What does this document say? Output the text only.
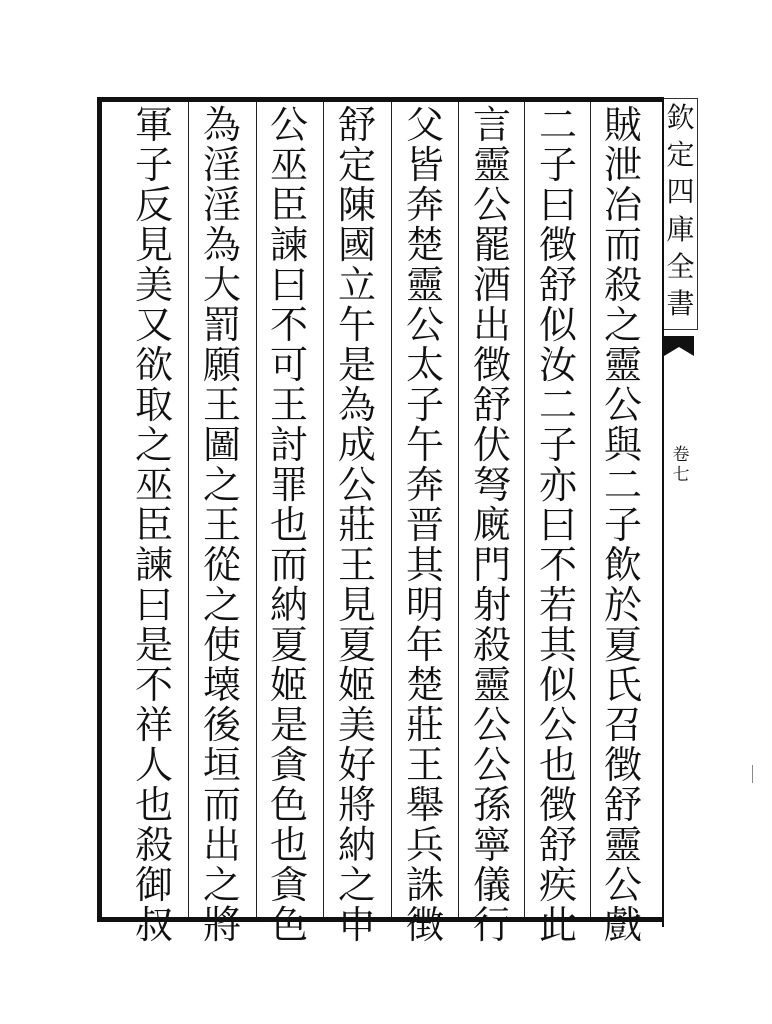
欽
定
四
庫
全
書
卷
七
賊
泄
冶
而
殺
之
靈
公
與
二
子
飲
於
夏
氏
召
徴
舒
靈
公
戲
二
子
曰
徴
舒
似
汝
二
子
亦
曰
不
若
其
似
公
也
徴
舒
疾
此
言
靈
公
罷
酒
出
徴
舒
伏
弩
廐
門
射
殺
靈
公
公
孫
寧
儀
行
父
皆
奔
楚
靈
公
太
子
午
奔
晋
其
明
年
楚
莊
王
舉
兵
誅
徴
舒
定
陳
國
立
午
是
為
成
公
莊
王
見
夏
姬
美
好
將
納
之
申
公
巫
臣
諫
曰
不
可
王
討
罪
也
而
納
夏
姬
是
貪
色
也
貪
色
為
淫
淫
為
大
罰
願
王
圖
之
王
從
之
使
壊
後
垣
而
出
之
將
軍
子
反
見
美
又
欲
取
之
巫
臣
諫
曰
是
不
祥
人
也
殺
御
叔
